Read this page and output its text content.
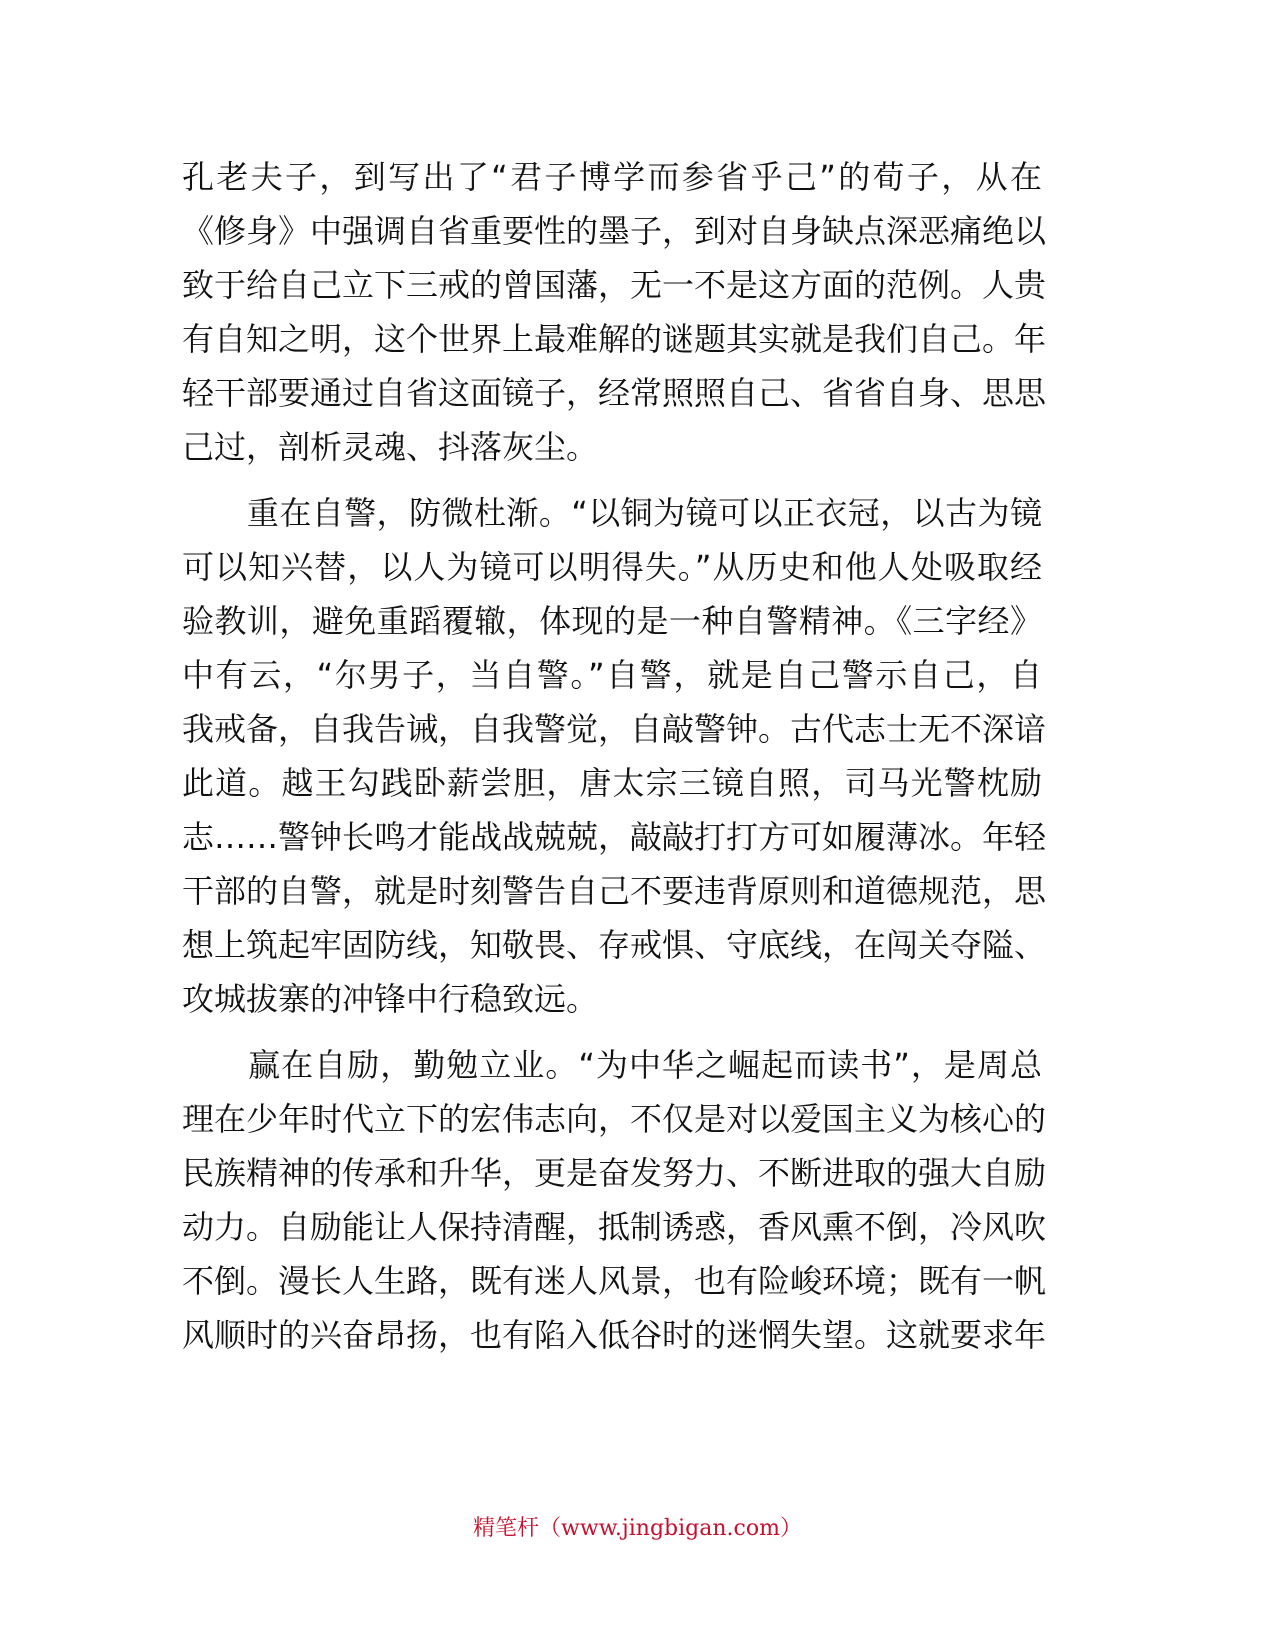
孔老夫子，到写出了“君子博学而参省乎己”的荀子，从在
《修身》中强调自省重要性的墨子，到对自身缺点深恶痛绝以
致于给自己立下三戒的曾国藩，无一不是这方面的范例。人贵
有自知之明，这个世界上最难解的谜题其实就是我们自己。年
轻干部要通过自省这面镜子，经常照照自己、省省自身、思思
己过，剖析灵魂、抖落灰尘。
　　重在自警，防微杜渐。“以铜为镜可以正衣冠，以古为镜
可以知兴替，以人为镜可以明得失。”从历史和他人处吸取经
验教训，避免重蹈覆辙，体现的是一种自警精神。《三字经》
中有云，“尔男子，当自警。”自警，就是自己警示自己，自
我戒备，自我告诫，自我警觉，自敲警钟。古代志士无不深谙
此道。越王勾践卧薪尝胆，唐太宗三镜自照，司马光警枕励
志……警钟长鸣才能战战兢兢，敲敲打打方可如履薄冰。年轻
干部的自警，就是时刻警告自己不要违背原则和道德规范，思
想上筑起牢固防线，知敬畏、存戒惧、守底线，在闯关夺隘、
攻城拔寨的冲锋中行稳致远。
　　赢在自励，勤勉立业。“为中华之崛起而读书”，是周总
理在少年时代立下的宏伟志向，不仅是对以爱国主义为核心的
民族精神的传承和升华，更是奋发努力、不断进取的强大自励
动力。自励能让人保持清醒，抵制诱惑，香风熏不倒，冷风吹
不倒。漫长人生路，既有迷人风景，也有险峻环境；既有一帆
风顺时的兴奋昂扬，也有陷入低谷时的迷惘失望。这就要求年
精笔杆（www.jingbigan.com）
